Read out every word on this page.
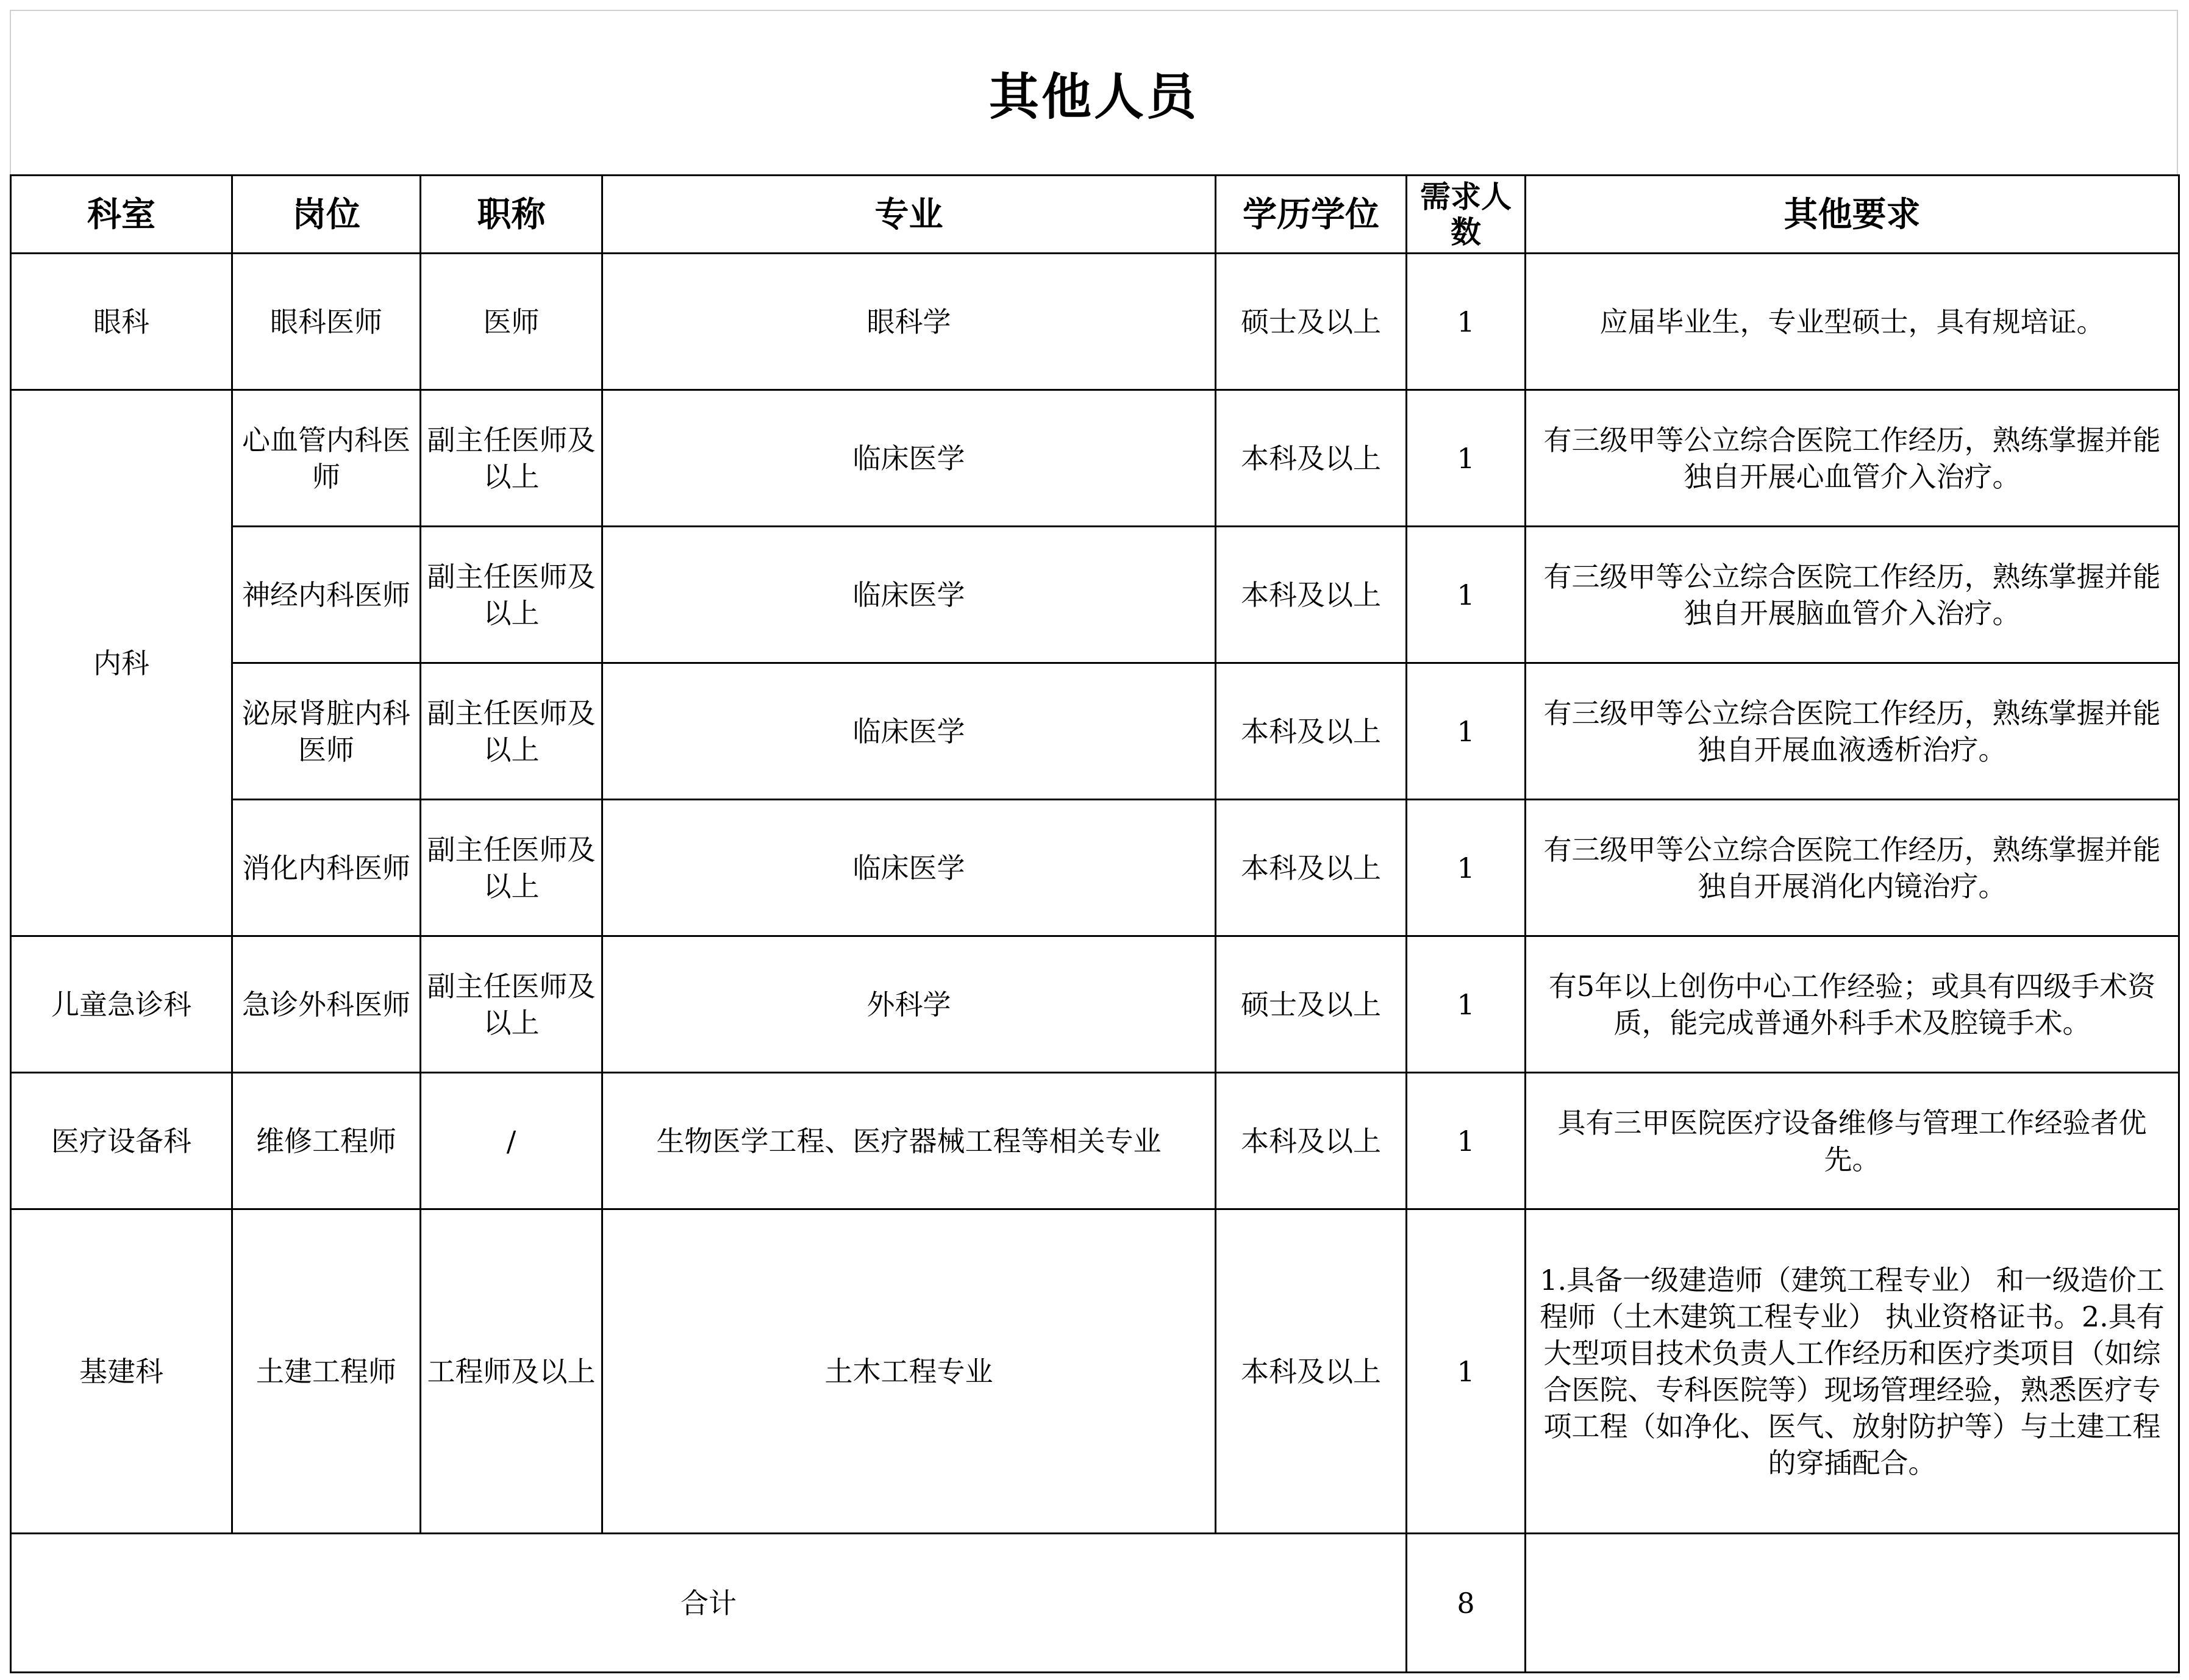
其他人员
科室	岗位	职称	专业	学历学位	需求人数	其他要求
眼科	眼科医师	医师	眼科学	硕士及以上	1	应届毕业生，专业型硕士，具有规培证。
内科	心血管内科医师	副主任医师及以上	临床医学	本科及以上	1	有三级甲等公立综合医院工作经历，熟练掌握并能独自开展心血管介入治疗。
	神经内科医师	副主任医师及以上	临床医学	本科及以上	1	有三级甲等公立综合医院工作经历，熟练掌握并能独自开展脑血管介入治疗。
	泌尿肾脏内科医师	副主任医师及以上	临床医学	本科及以上	1	有三级甲等公立综合医院工作经历，熟练掌握并能独自开展血液透析治疗。
	消化内科医师	副主任医师及以上	临床医学	本科及以上	1	有三级甲等公立综合医院工作经历，熟练掌握并能独自开展消化内镜治疗。
儿童急诊科	急诊外科医师	副主任医师及以上	外科学	硕士及以上	1	有5年以上创伤中心工作经验；或具有四级手术资质，能完成普通外科手术及腔镜手术。
医疗设备科	维修工程师	/	生物医学工程、医疗器械工程等相关专业	本科及以上	1	具有三甲医院医疗设备维修与管理工作经验者优先。
基建科	土建工程师	工程师及以上	土木工程专业	本科及以上	1	1.具备一级建造师（建筑工程专业） 和一级造价工程师（土木建筑工程专业） 执业资格证书。2.具有大型项目技术负责人工作经历和医疗类项目（如综合医院、专科医院等）现场管理经验，熟悉医疗专项工程（如净化、医气、放射防护等）与土建工程的穿插配合。
合计					8	
